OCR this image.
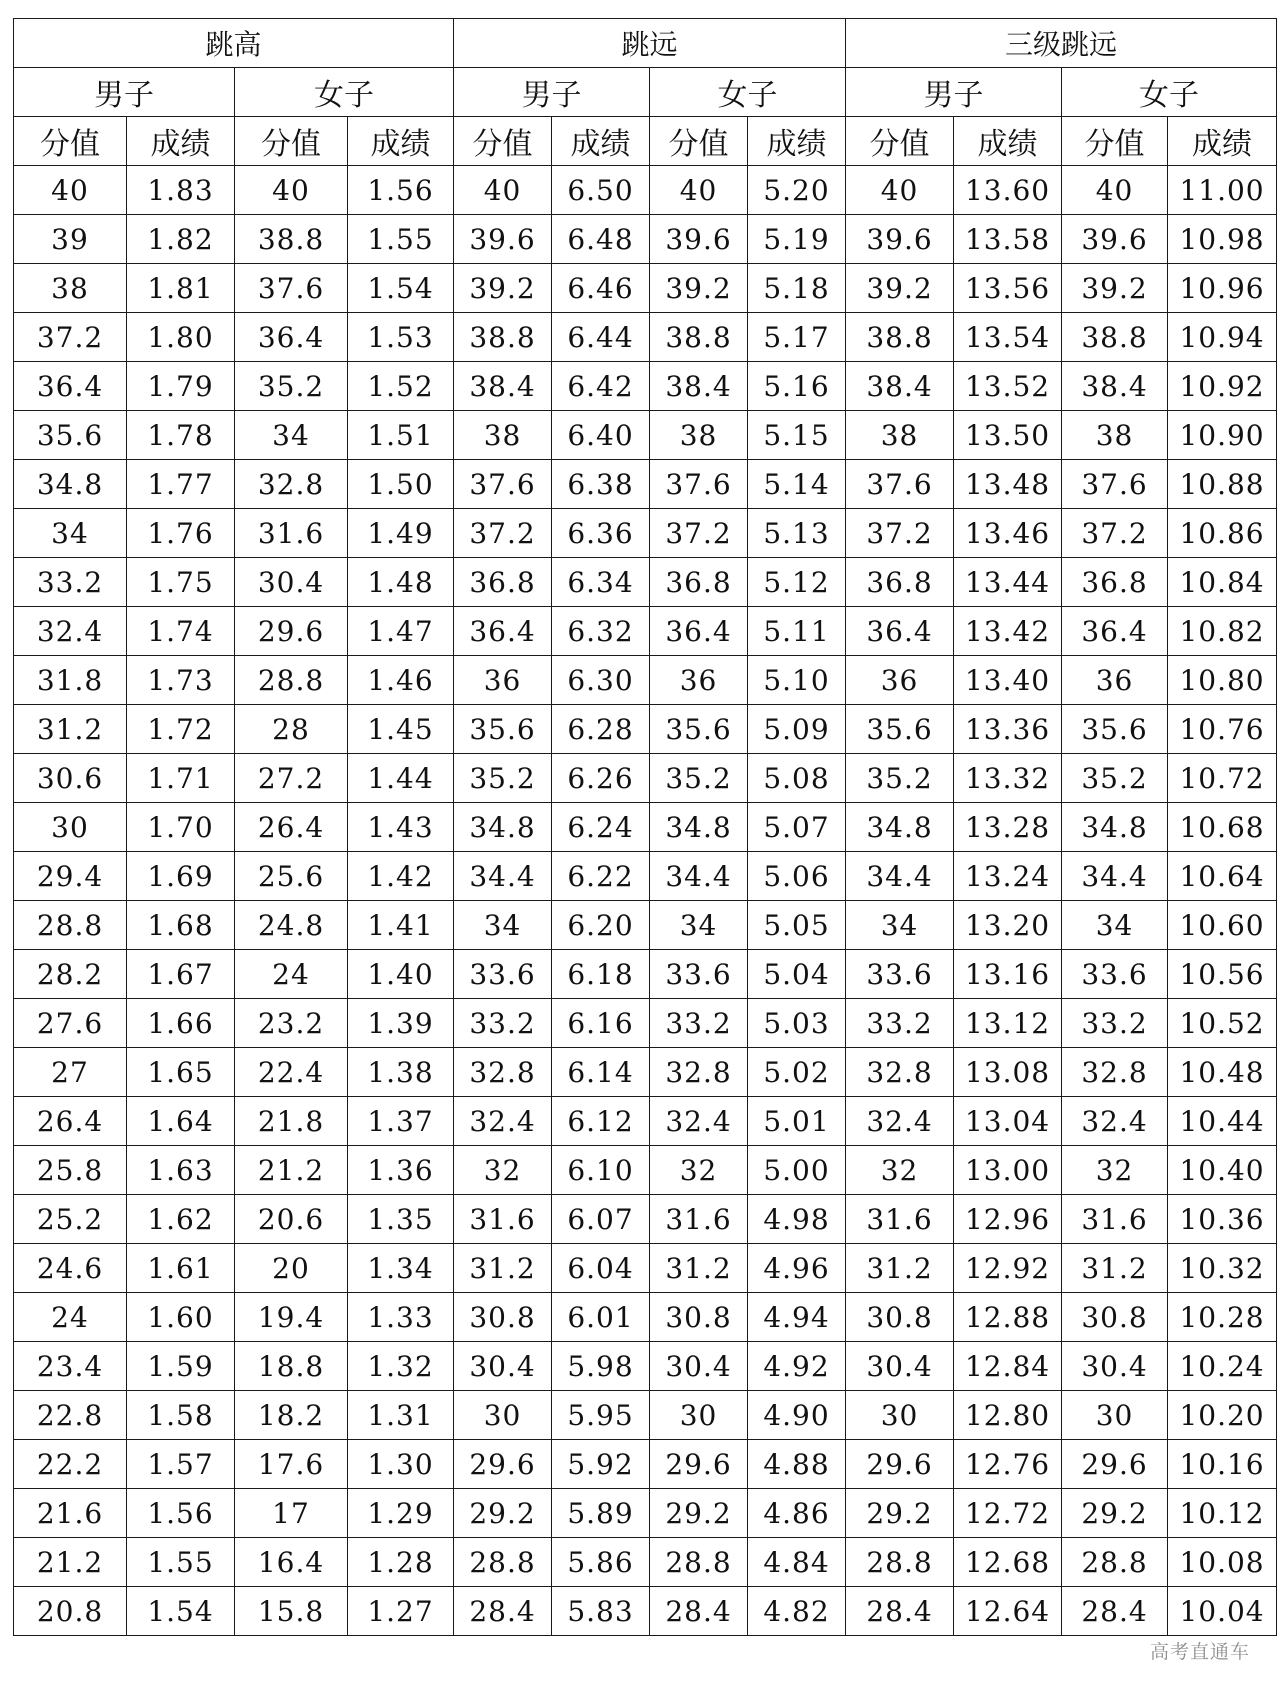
跳高				跳远				三级跳远			
男子		女子		男子		女子		男子		女子	
分值	成绩	分值	成绩	分值	成绩	分值	成绩	分值	成绩	分值	成绩
40	1.83	40	1.56	40	6.50	40	5.20	40	13.60	40	11.00
39	1.82	38.8	1.55	39.6	6.48	39.6	5.19	39.6	13.58	39.6	10.98
38	1.81	37.6	1.54	39.2	6.46	39.2	5.18	39.2	13.56	39.2	10.96
37.2	1.80	36.4	1.53	38.8	6.44	38.8	5.17	38.8	13.54	38.8	10.94
36.4	1.79	35.2	1.52	38.4	6.42	38.4	5.16	38.4	13.52	38.4	10.92
35.6	1.78	34	1.51	38	6.40	38	5.15	38	13.50	38	10.90
34.8	1.77	32.8	1.50	37.6	6.38	37.6	5.14	37.6	13.48	37.6	10.88
34	1.76	31.6	1.49	37.2	6.36	37.2	5.13	37.2	13.46	37.2	10.86
33.2	1.75	30.4	1.48	36.8	6.34	36.8	5.12	36.8	13.44	36.8	10.84
32.4	1.74	29.6	1.47	36.4	6.32	36.4	5.11	36.4	13.42	36.4	10.82
31.8	1.73	28.8	1.46	36	6.30	36	5.10	36	13.40	36	10.80
31.2	1.72	28	1.45	35.6	6.28	35.6	5.09	35.6	13.36	35.6	10.76
30.6	1.71	27.2	1.44	35.2	6.26	35.2	5.08	35.2	13.32	35.2	10.72
30	1.70	26.4	1.43	34.8	6.24	34.8	5.07	34.8	13.28	34.8	10.68
29.4	1.69	25.6	1.42	34.4	6.22	34.4	5.06	34.4	13.24	34.4	10.64
28.8	1.68	24.8	1.41	34	6.20	34	5.05	34	13.20	34	10.60
28.2	1.67	24	1.40	33.6	6.18	33.6	5.04	33.6	13.16	33.6	10.56
27.6	1.66	23.2	1.39	33.2	6.16	33.2	5.03	33.2	13.12	33.2	10.52
27	1.65	22.4	1.38	32.8	6.14	32.8	5.02	32.8	13.08	32.8	10.48
26.4	1.64	21.8	1.37	32.4	6.12	32.4	5.01	32.4	13.04	32.4	10.44
25.8	1.63	21.2	1.36	32	6.10	32	5.00	32	13.00	32	10.40
25.2	1.62	20.6	1.35	31.6	6.07	31.6	4.98	31.6	12.96	31.6	10.36
24.6	1.61	20	1.34	31.2	6.04	31.2	4.96	31.2	12.92	31.2	10.32
24	1.60	19.4	1.33	30.8	6.01	30.8	4.94	30.8	12.88	30.8	10.28
23.4	1.59	18.8	1.32	30.4	5.98	30.4	4.92	30.4	12.84	30.4	10.24
22.8	1.58	18.2	1.31	30	5.95	30	4.90	30	12.80	30	10.20
22.2	1.57	17.6	1.30	29.6	5.92	29.6	4.88	29.6	12.76	29.6	10.16
21.6	1.56	17	1.29	29.2	5.89	29.2	4.86	29.2	12.72	29.2	10.12
21.2	1.55	16.4	1.28	28.8	5.86	28.8	4.84	28.8	12.68	28.8	10.08
20.8	1.54	15.8	1.27	28.4	5.83	28.4	4.82	28.4	12.64	28.4	10.04
高考直通车
